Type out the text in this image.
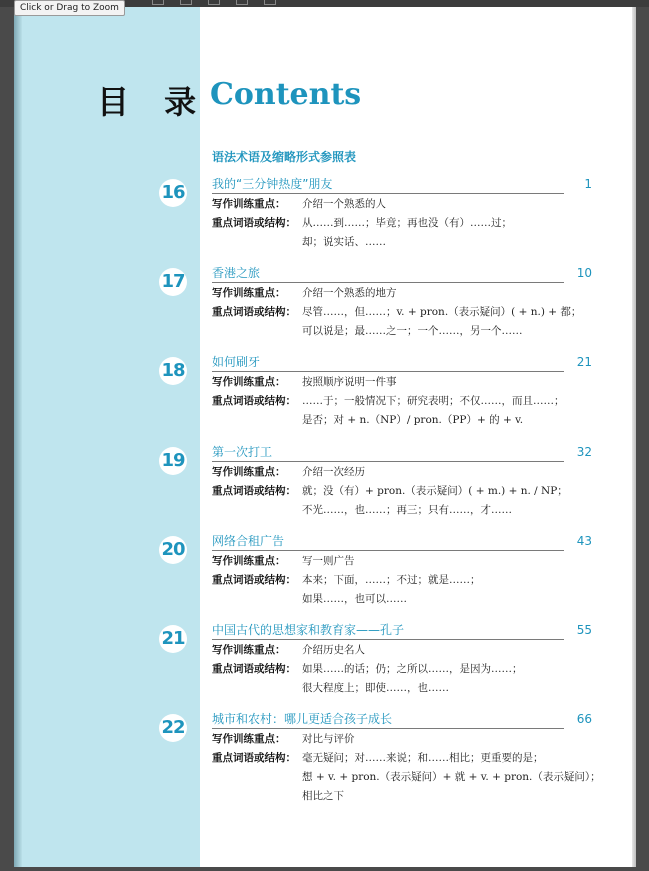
Click or Drag to Zoom
目 录 Contents
语法术语及缩略形式参照表
16 我的“三分钟热度”朋友	1
写作训练重点：	介绍一个熟悉的人
重点词语或结构： 从……到……；毕竟；再也没（有）……过；
却；说实话、……
17 香港之旅	10
写作训练重点：	介绍一个熟悉的地方
重点词语或结构： 尽管……，但……；v. + pron.（表示疑问）( + n.) + 都；
可以说是；最……之一；一个……，另一个……
18 如何刷牙	21
写作训练重点：	按照顺序说明一件事
重点词语或结构： ……于；一般情况下；研究表明；不仅……，而且……；
是否；对 + n.（NP）/ pron.（PP）+ 的 + v.
19 第一次打工	32
写作训练重点：	介绍一次经历
重点词语或结构： 就；没（有）+ pron.（表示疑问）( + m.) + n. / NP；
不光……，也……；再三；只有……，才……
20 网络合租广告	43
写作训练重点：	写一则广告
重点词语或结构： 本来；下面，……；不过；就是……；
如果……，也可以……
21 中国古代的思想家和教育家——孔子	55
写作训练重点：	介绍历史名人
重点词语或结构： 如果……的话；仍；之所以……，是因为……；
很大程度上；即使……，也……
22 城市和农村：哪儿更适合孩子成长	66
写作训练重点：	对比与评价
重点词语或结构： 毫无疑问；对……来说；和……相比；更重要的是；
想 + v. + pron.（表示疑问）+ 就 + v. + pron.（表示疑问）；
相比之下
